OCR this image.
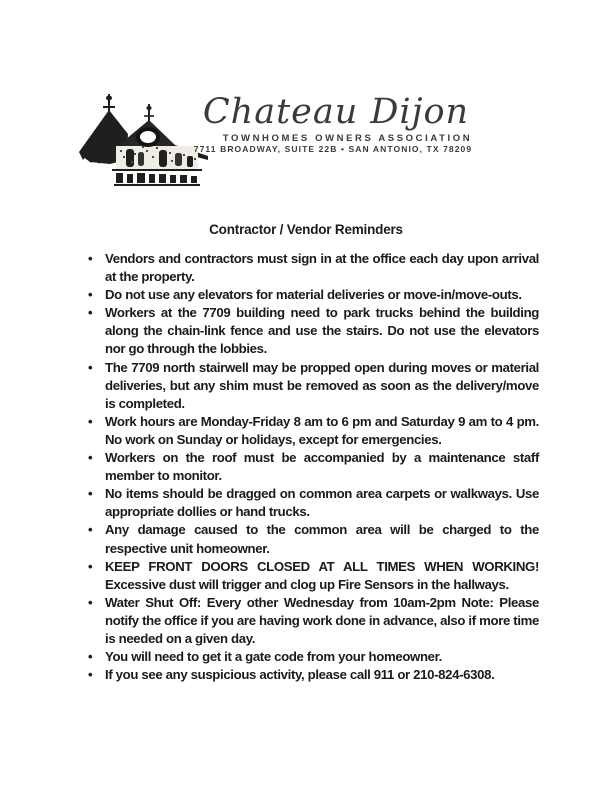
Chateau Dijon
TOWNHOMES OWNERS ASSOCIATION
7711 BROADWAY, SUITE 22B • SAN ANTONIO, TX 78209
Contractor / Vendor Reminders
• Vendors and contractors must sign in at the office each day upon arrival at the property.
• Do not use any elevators for material deliveries or move-in/move-outs.
• Workers at the 7709 building need to park trucks behind the building along the chain-link fence and use the stairs. Do not use the elevators nor go through the lobbies.
• The 7709 north stairwell may be propped open during moves or material deliveries, but any shim must be removed as soon as the delivery/move is completed.
• Work hours are Monday-Friday 8 am to 6 pm and Saturday 9 am to 4 pm. No work on Sunday or holidays, except for emergencies.
• Workers on the roof must be accompanied by a maintenance staff member to monitor.
• No items should be dragged on common area carpets or walkways. Use appropriate dollies or hand trucks.
• Any damage caused to the common area will be charged to the respective unit homeowner.
• KEEP FRONT DOORS CLOSED AT ALL TIMES WHEN WORKING! Excessive dust will trigger and clog up Fire Sensors in the hallways.
• Water Shut Off: Every other Wednesday from 10am-2pm Note: Please notify the office if you are having work done in advance, also if more time is needed on a given day.
• You will need to get it a gate code from your homeowner.
• If you see any suspicious activity, please call 911 or 210-824-6308.
